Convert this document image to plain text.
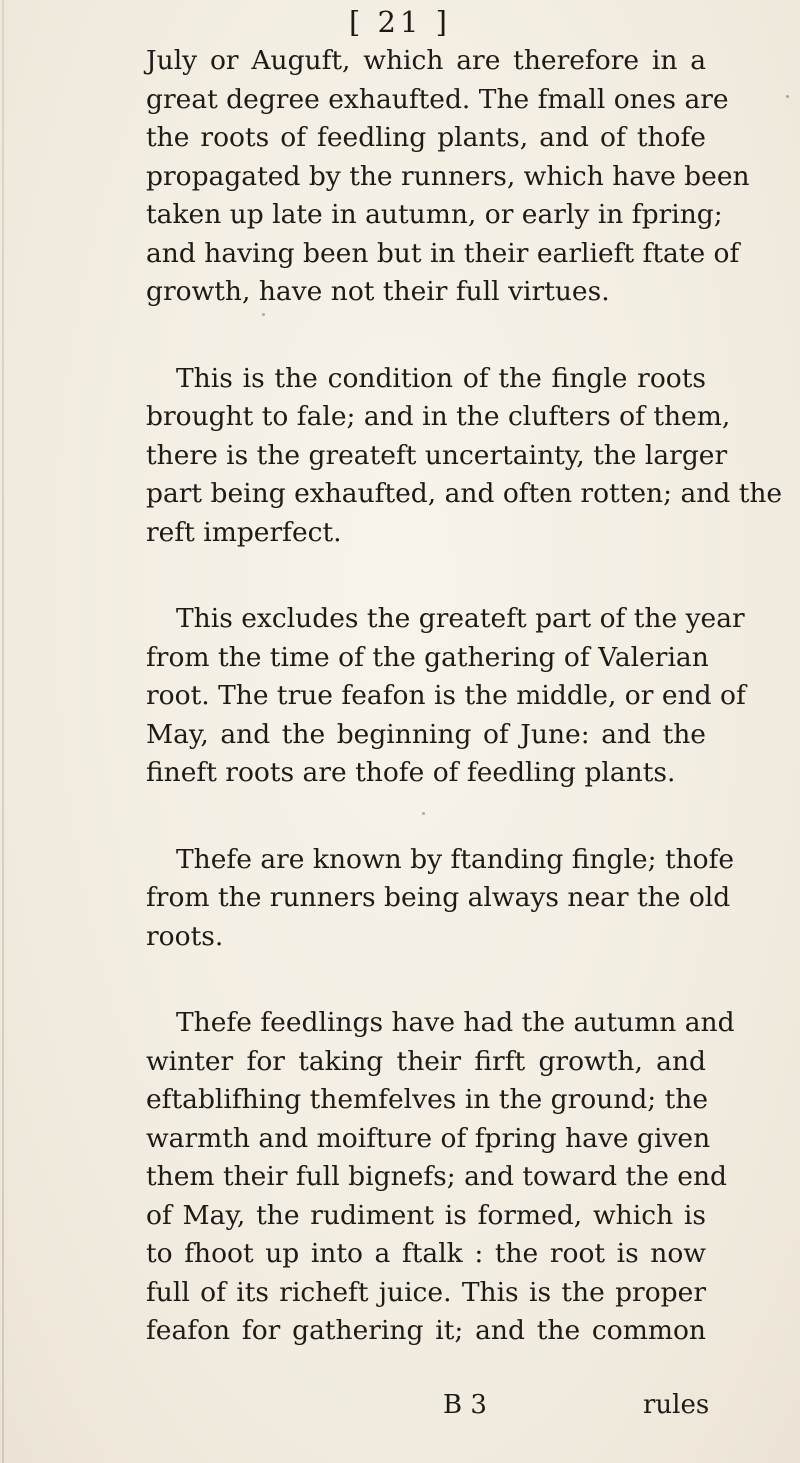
[ 21 ]
July or Auguft, which are therefore in a
great degree exhaufted. The fmall ones are
the roots of feedling plants, and of thofe
propagated by the runners, which have been
taken up late in autumn, or early in fpring;
and having been but in their earlieft ftate of
growth, have not their full virtues.
This is the condition of the fingle roots
brought to fale; and in the clufters of them,
there is the greateft uncertainty, the larger
part being exhaufted, and often rotten; and the
reft imperfect.
This excludes the greateft part of the year
from the time of the gathering of Valerian
root. The true feafon is the middle, or end of
May, and the beginning of June: and the
fineft roots are thofe of feedling plants.
Thefe are known by ftanding fingle; thofe
from the runners being always near the old
roots.
Thefe feedlings have had the autumn and
winter for taking their firft growth, and
eftablifhing themfelves in the ground; the
warmth and moifture of fpring have given
them their full bignefs; and toward the end
of May, the rudiment is formed, which is
to fhoot up into a ftalk : the root is now
full of its richeft juice. This is the proper
feafon for gathering it; and the common
B 3	rules
